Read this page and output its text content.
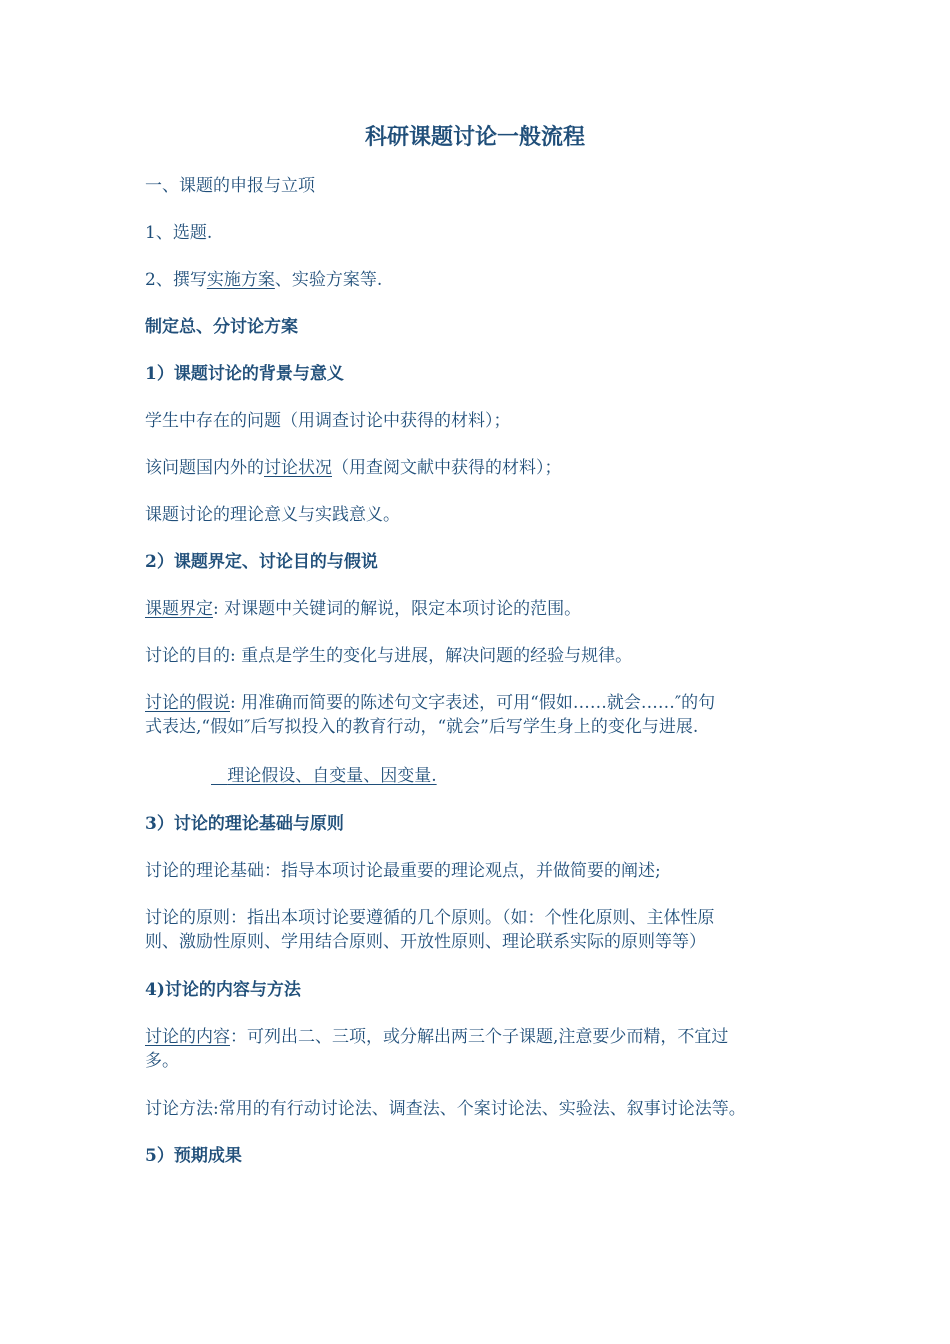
科研课题讨论一般流程
一、课题的申报与立项
1、选题.
2、撰写实施方案、实验方案等.
制定总、分讨论方案
1）课题讨论的背景与意义
学生中存在的问题（用调查讨论中获得的材料）；
该问题国内外的讨论状况（用查阅文献中获得的材料）；
课题讨论的理论意义与实践意义。
2）课题界定、讨论目的与假说
课题界定: 对课题中关键词的解说，限定本项讨论的范围。
讨论的目的: 重点是学生的变化与进展，解决问题的经验与规律。
讨论的假说: 用准确而简要的陈述句文字表述，可用“假如……就会……″的句
式表达,“假如″后写拟投入的教育行动，“就会”后写学生身上的变化与进展.
理论假设、自变量、因变量.
3）讨论的理论基础与原则
讨论的理论基础：指导本项讨论最重要的理论观点，并做简要的阐述;
讨论的原则：指出本项讨论要遵循的几个原则。（如：个性化原则、主体性原
则、激励性原则、学用结合原则、开放性原则、理论联系实际的原则等等）
4)讨论的内容与方法
讨论的内容：可列出二、三项，或分解出两三个子课题,注意要少而精，不宜过
多。
讨论方法:常用的有行动讨论法、调查法、个案讨论法、实验法、叙事讨论法等。
5）预期成果
